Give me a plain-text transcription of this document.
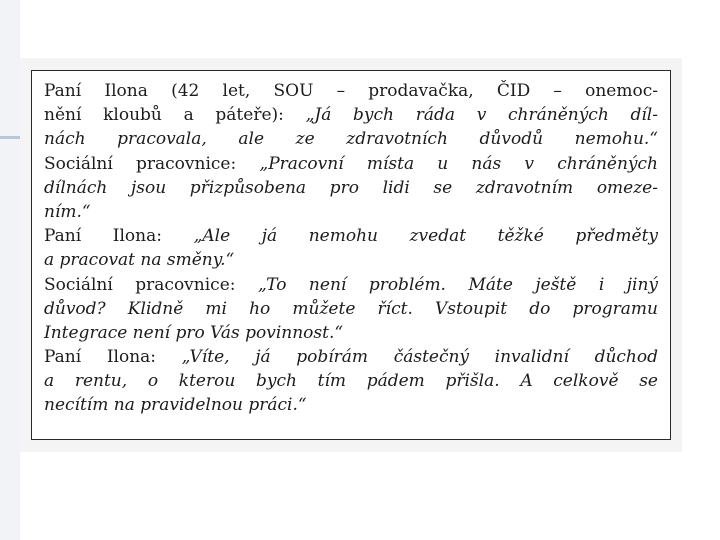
Paní Ilona (42 let, SOU – prodavačka, ČID – onemoc-
nění kloubů a páteře): „Já bych ráda v chráněných díl-
nách pracovala, ale ze zdravotních důvodů nemohu.“
Sociální pracovnice: „Pracovní místa u nás v chráněných
dílnách jsou přizpůsobena pro lidi se zdravotním omeze-
ním.“
Paní Ilona: „Ale já nemohu zvedat těžké předměty
a pracovat na směny.“
Sociální pracovnice: „To není problém. Máte ještě i jiný
důvod? Klidně mi ho můžete říct. Vstoupit do programu
Integrace není pro Vás povinnost.“
Paní Ilona: „Víte, já pobírám částečný invalidní důchod
a rentu, o kterou bych tím pádem přišla. A celkově se
necítím na pravidelnou práci.“
